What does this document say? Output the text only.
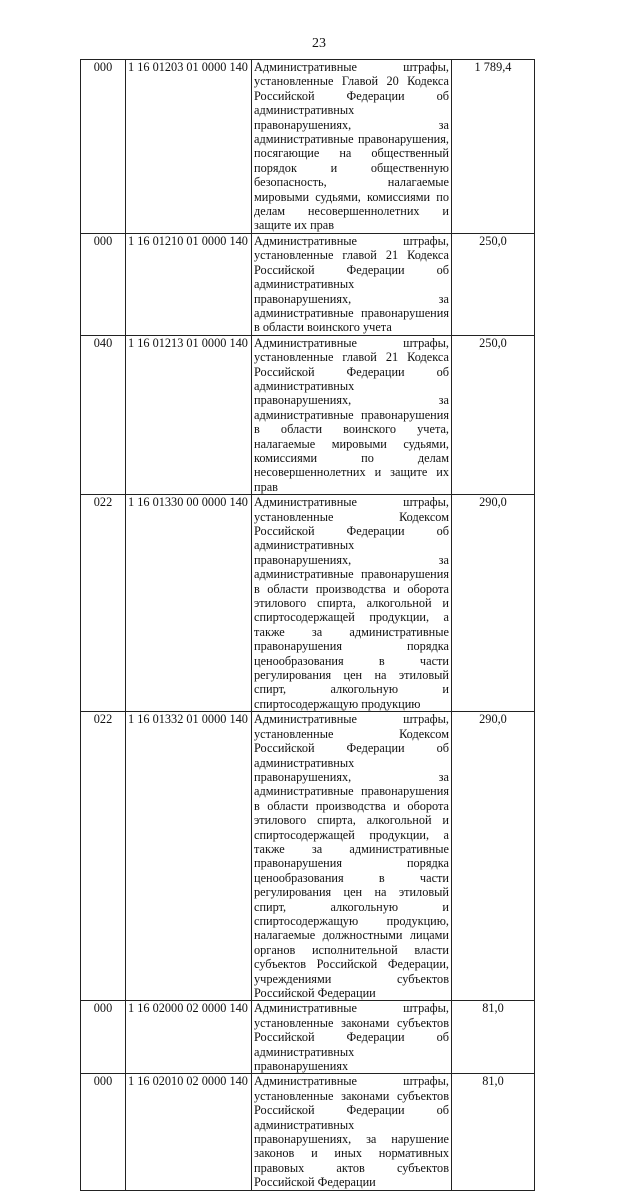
23
000	1 16 01203 01 0000 140	Административные штрафы, установленные Главой 20 Кодекса Российской Федерации об административных правонарушениях, за административные правонарушения, посягающие на общественный порядок и общественную безопасность, налагаемые мировыми судьями, комиссиями по делам несовершеннолетних и защите их прав	1 789,4
000	1 16 01210 01 0000 140	Административные штрафы, установленные главой 21 Кодекса Российской Федерации об административных правонарушениях, за административные правонарушения в области воинского учета	250,0
040	1 16 01213 01 0000 140	Административные штрафы, установленные главой 21 Кодекса Российской Федерации об административных правонарушениях, за административные правонарушения в области воинского учета, налагаемые мировыми судьями, комиссиями по делам несовершеннолетних и защите их прав	250,0
022	1 16 01330 00 0000 140	Административные штрафы, установленные Кодексом Российской Федерации об административных правонарушениях, за административные правонарушения в области производства и оборота этилового спирта, алкогольной и спиртосодержащей продукции, а также за административные правонарушения порядка ценообразования в части регулирования цен на этиловый спирт, алкогольную и спиртосодержащую продукцию	290,0
022	1 16 01332 01 0000 140	Административные штрафы, установленные Кодексом Российской Федерации об административных правонарушениях, за административные правонарушения в области производства и оборота этилового спирта, алкогольной и спиртосодержащей продукции, а также за административные правонарушения порядка ценообразования в части регулирования цен на этиловый спирт, алкогольную и спиртосодержащую продукцию, налагаемые должностными лицами органов исполнительной власти субъектов Российской Федерации, учреждениями субъектов Российской Федерации	290,0
000	1 16 02000 02 0000 140	Административные штрафы, установленные законами субъектов Российской Федерации об административных правонарушениях	81,0
000	1 16 02010 02 0000 140	Административные штрафы, установленные законами субъектов Российской Федерации об административных правонарушениях, за нарушение законов и иных нормативных правовых актов субъектов Российской Федерации	81,0
